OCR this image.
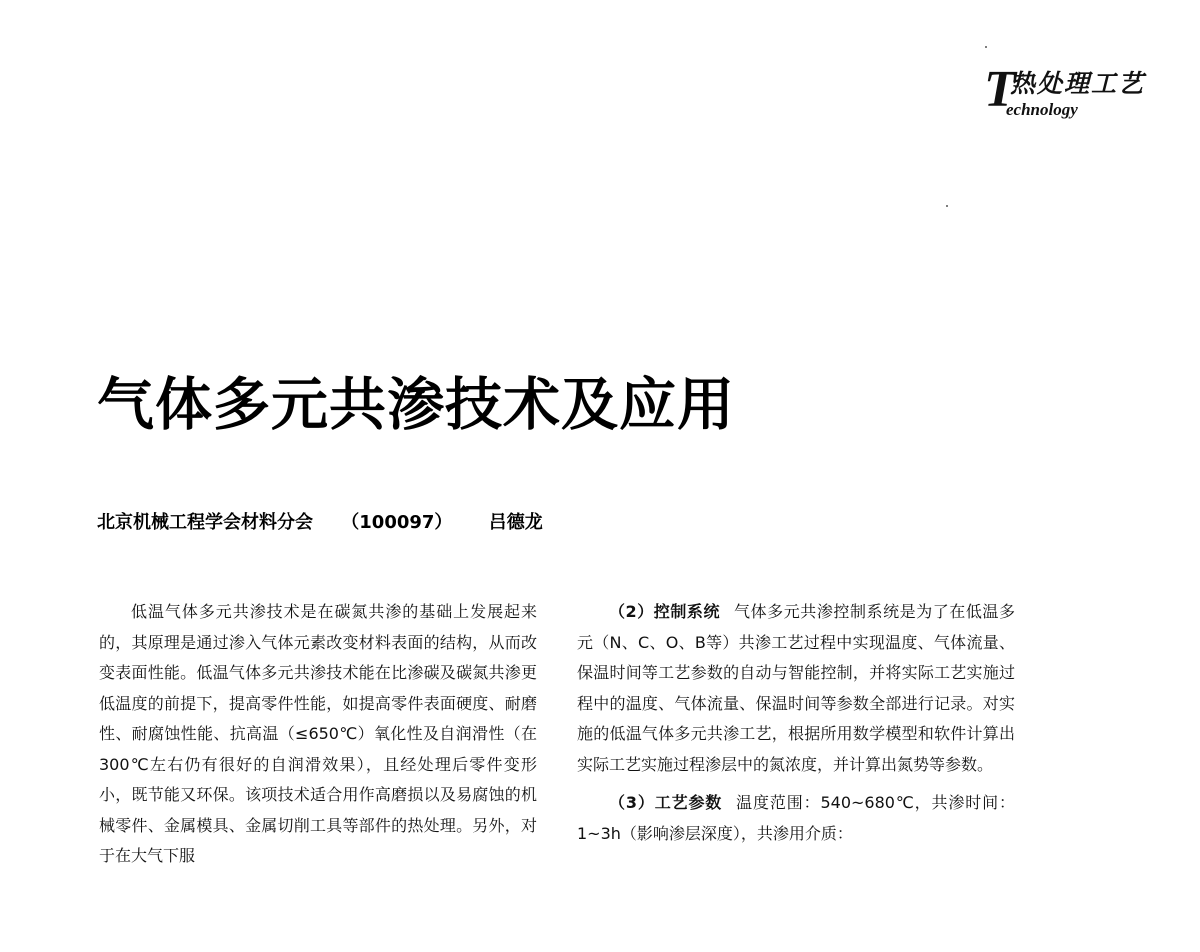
T
热处理工艺
echnology
气体多元共渗技术及应用
北京机械工程学会材料分会 （100097） 吕德龙

低温气体多元共渗技术是在碳氮共渗的基础上发展起来的，其原理是通过渗入气体元素改变材料表面的结构，从而改变表面性能。低温气体多元共渗技术能在比渗碳及碳氮共渗更低温度的前提下，提高零件性能，如提高零件表面硬度、耐磨性、耐腐蚀性能、抗高温（≤650℃）氧化性及自润滑性（在300℃左右仍有很好的自润滑效果），且经处理后零件变形小，既节能又环保。该项技术适合用作高磨损以及易腐蚀的机械零件、金属模具、金属切削工具等部件的热处理。另外，对于在大气下服

（2）控制系统 气体多元共渗控制系统是为了在低温多元（N、C、O、B等）共渗工艺过程中实现温度、气体流量、保温时间等工艺参数的自动与智能控制，并将实际工艺实施过程中的温度、气体流量、保温时间等参数全部进行记录。对实施的低温气体多元共渗工艺，根据所用数学模型和软件计算出实际工艺实施过程渗层中的氮浓度，并计算出氮势等参数。

（3）工艺参数 温度范围：540~680℃，共渗时间：1~3h（影响渗层深度），共渗用介质：
